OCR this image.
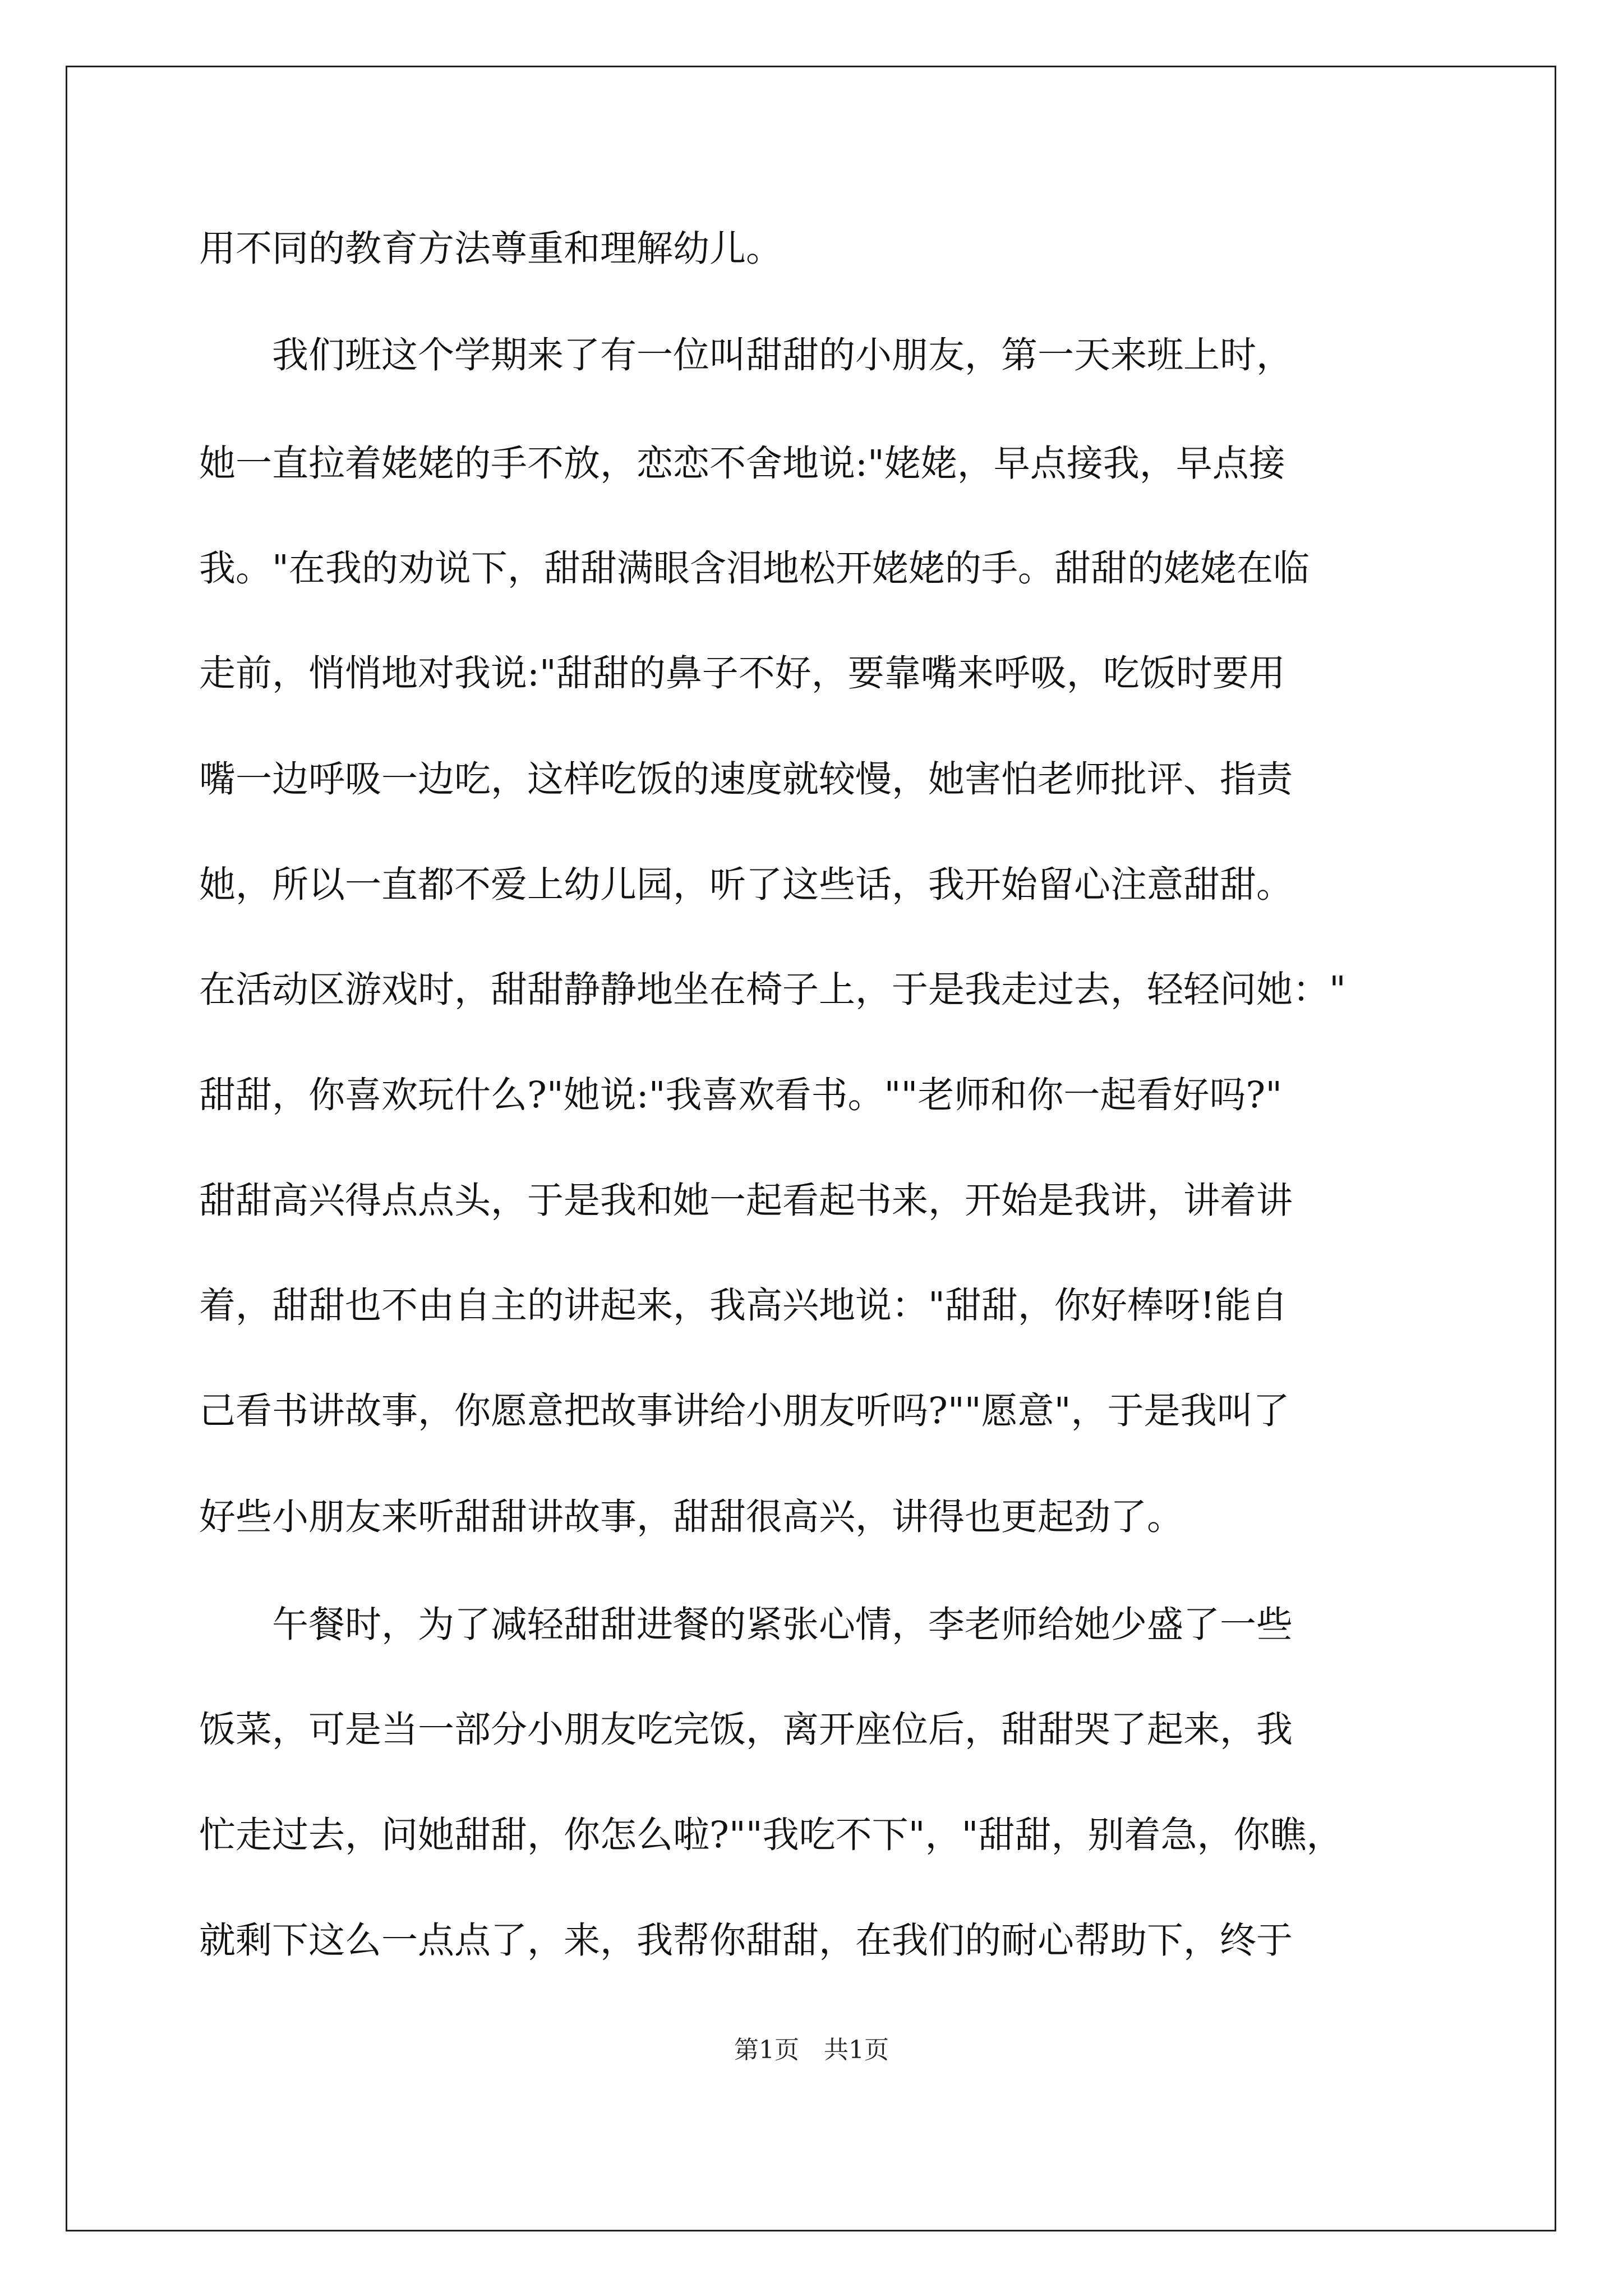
用不同的教育方法尊重和理解幼儿。
　　我们班这个学期来了有一位叫甜甜的小朋友，第一天来班上时，
她一直拉着姥姥的手不放，恋恋不舍地说:"姥姥，早点接我，早点接
我。"在我的劝说下，甜甜满眼含泪地松开姥姥的手。甜甜的姥姥在临
走前，悄悄地对我说:"甜甜的鼻子不好，要靠嘴来呼吸，吃饭时要用
嘴一边呼吸一边吃，这样吃饭的速度就较慢，她害怕老师批评、指责
她，所以一直都不爱上幼儿园，听了这些话，我开始留心注意甜甜。
在活动区游戏时，甜甜静静地坐在椅子上，于是我走过去，轻轻问她："
甜甜，你喜欢玩什么?"她说:"我喜欢看书。""老师和你一起看好吗?"
甜甜高兴得点点头，于是我和她一起看起书来，开始是我讲，讲着讲
着，甜甜也不由自主的讲起来，我高兴地说："甜甜，你好棒呀!能自
己看书讲故事，你愿意把故事讲给小朋友听吗?""愿意"，于是我叫了
好些小朋友来听甜甜讲故事，甜甜很高兴，讲得也更起劲了。
　　午餐时，为了减轻甜甜进餐的紧张心情，李老师给她少盛了一些
饭菜，可是当一部分小朋友吃完饭，离开座位后，甜甜哭了起来，我
忙走过去，问她甜甜，你怎么啦?""我吃不下"，"甜甜，别着急，你瞧，
就剩下这么一点点了，来，我帮你甜甜，在我们的耐心帮助下，终于
第1页　共1页
